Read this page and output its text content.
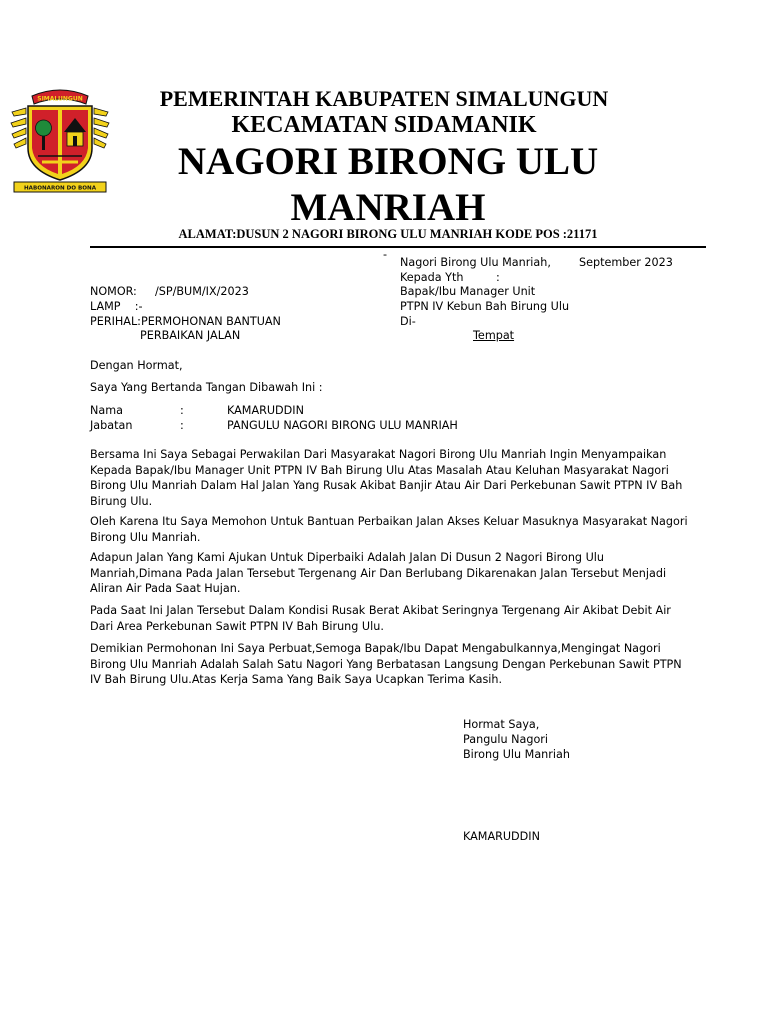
SIMALUNGUN
HABONARON DO BONA
PEMERINTAH KABUPATEN SIMALUNGUN
KECAMATAN SIDAMANIK
NAGORI BIRONG ULU
MANRIAH
ALAMAT:DUSUN 2 NAGORI BIRONG ULU MANRIAH KODE POS :21171
-
Nagori Birong Ulu Manriah,	September 2023
Kepada Yth	:
Bapak/Ibu Manager Unit
PTPN IV Kebun Bah Birung Ulu
Di-
Tempat
NOMOR: /SP/BUM/IX/2023
LAMP    :-
PERIHAL:PERMOHONAN BANTUAN
PERBAIKAN JALAN
Dengan Hormat,
Saya Yang Bertanda Tangan Dibawah Ini :
Nama	:	KAMARUDDIN
Jabatan	:	PANGULU NAGORI BIRONG ULU MANRIAH
Bersama Ini Saya Sebagai Perwakilan Dari Masyarakat Nagori Birong Ulu Manriah Ingin Menyampaikan Kepada Bapak/Ibu Manager Unit PTPN IV Bah Birung Ulu Atas Masalah Atau Keluhan Masyarakat Nagori Birong Ulu Manriah Dalam Hal Jalan Yang Rusak Akibat Banjir Atau Air Dari Perkebunan Sawit PTPN IV Bah Birung Ulu.
Oleh Karena Itu Saya Memohon Untuk Bantuan Perbaikan Jalan Akses Keluar Masuknya Masyarakat Nagori Birong Ulu Manriah.
Adapun Jalan Yang Kami Ajukan Untuk Diperbaiki Adalah Jalan Di Dusun 2 Nagori Birong Ulu Manriah,Dimana Pada Jalan Tersebut Tergenang Air Dan Berlubang Dikarenakan Jalan Tersebut Menjadi Aliran Air Pada Saat Hujan.
Pada Saat Ini Jalan Tersebut Dalam Kondisi Rusak Berat Akibat Seringnya Tergenang Air Akibat Debit Air Dari Area Perkebunan Sawit PTPN IV Bah Birung Ulu.
Demikian Permohonan Ini Saya Perbuat,Semoga Bapak/Ibu Dapat Mengabulkannya,Mengingat Nagori Birong Ulu Manriah Adalah Salah Satu Nagori Yang Berbatasan Langsung Dengan Perkebunan Sawit PTPN IV Bah Birung Ulu.Atas Kerja Sama Yang Baik Saya Ucapkan Terima Kasih.
Hormat Saya,
Pangulu Nagori
Birong Ulu Manriah
KAMARUDDIN
